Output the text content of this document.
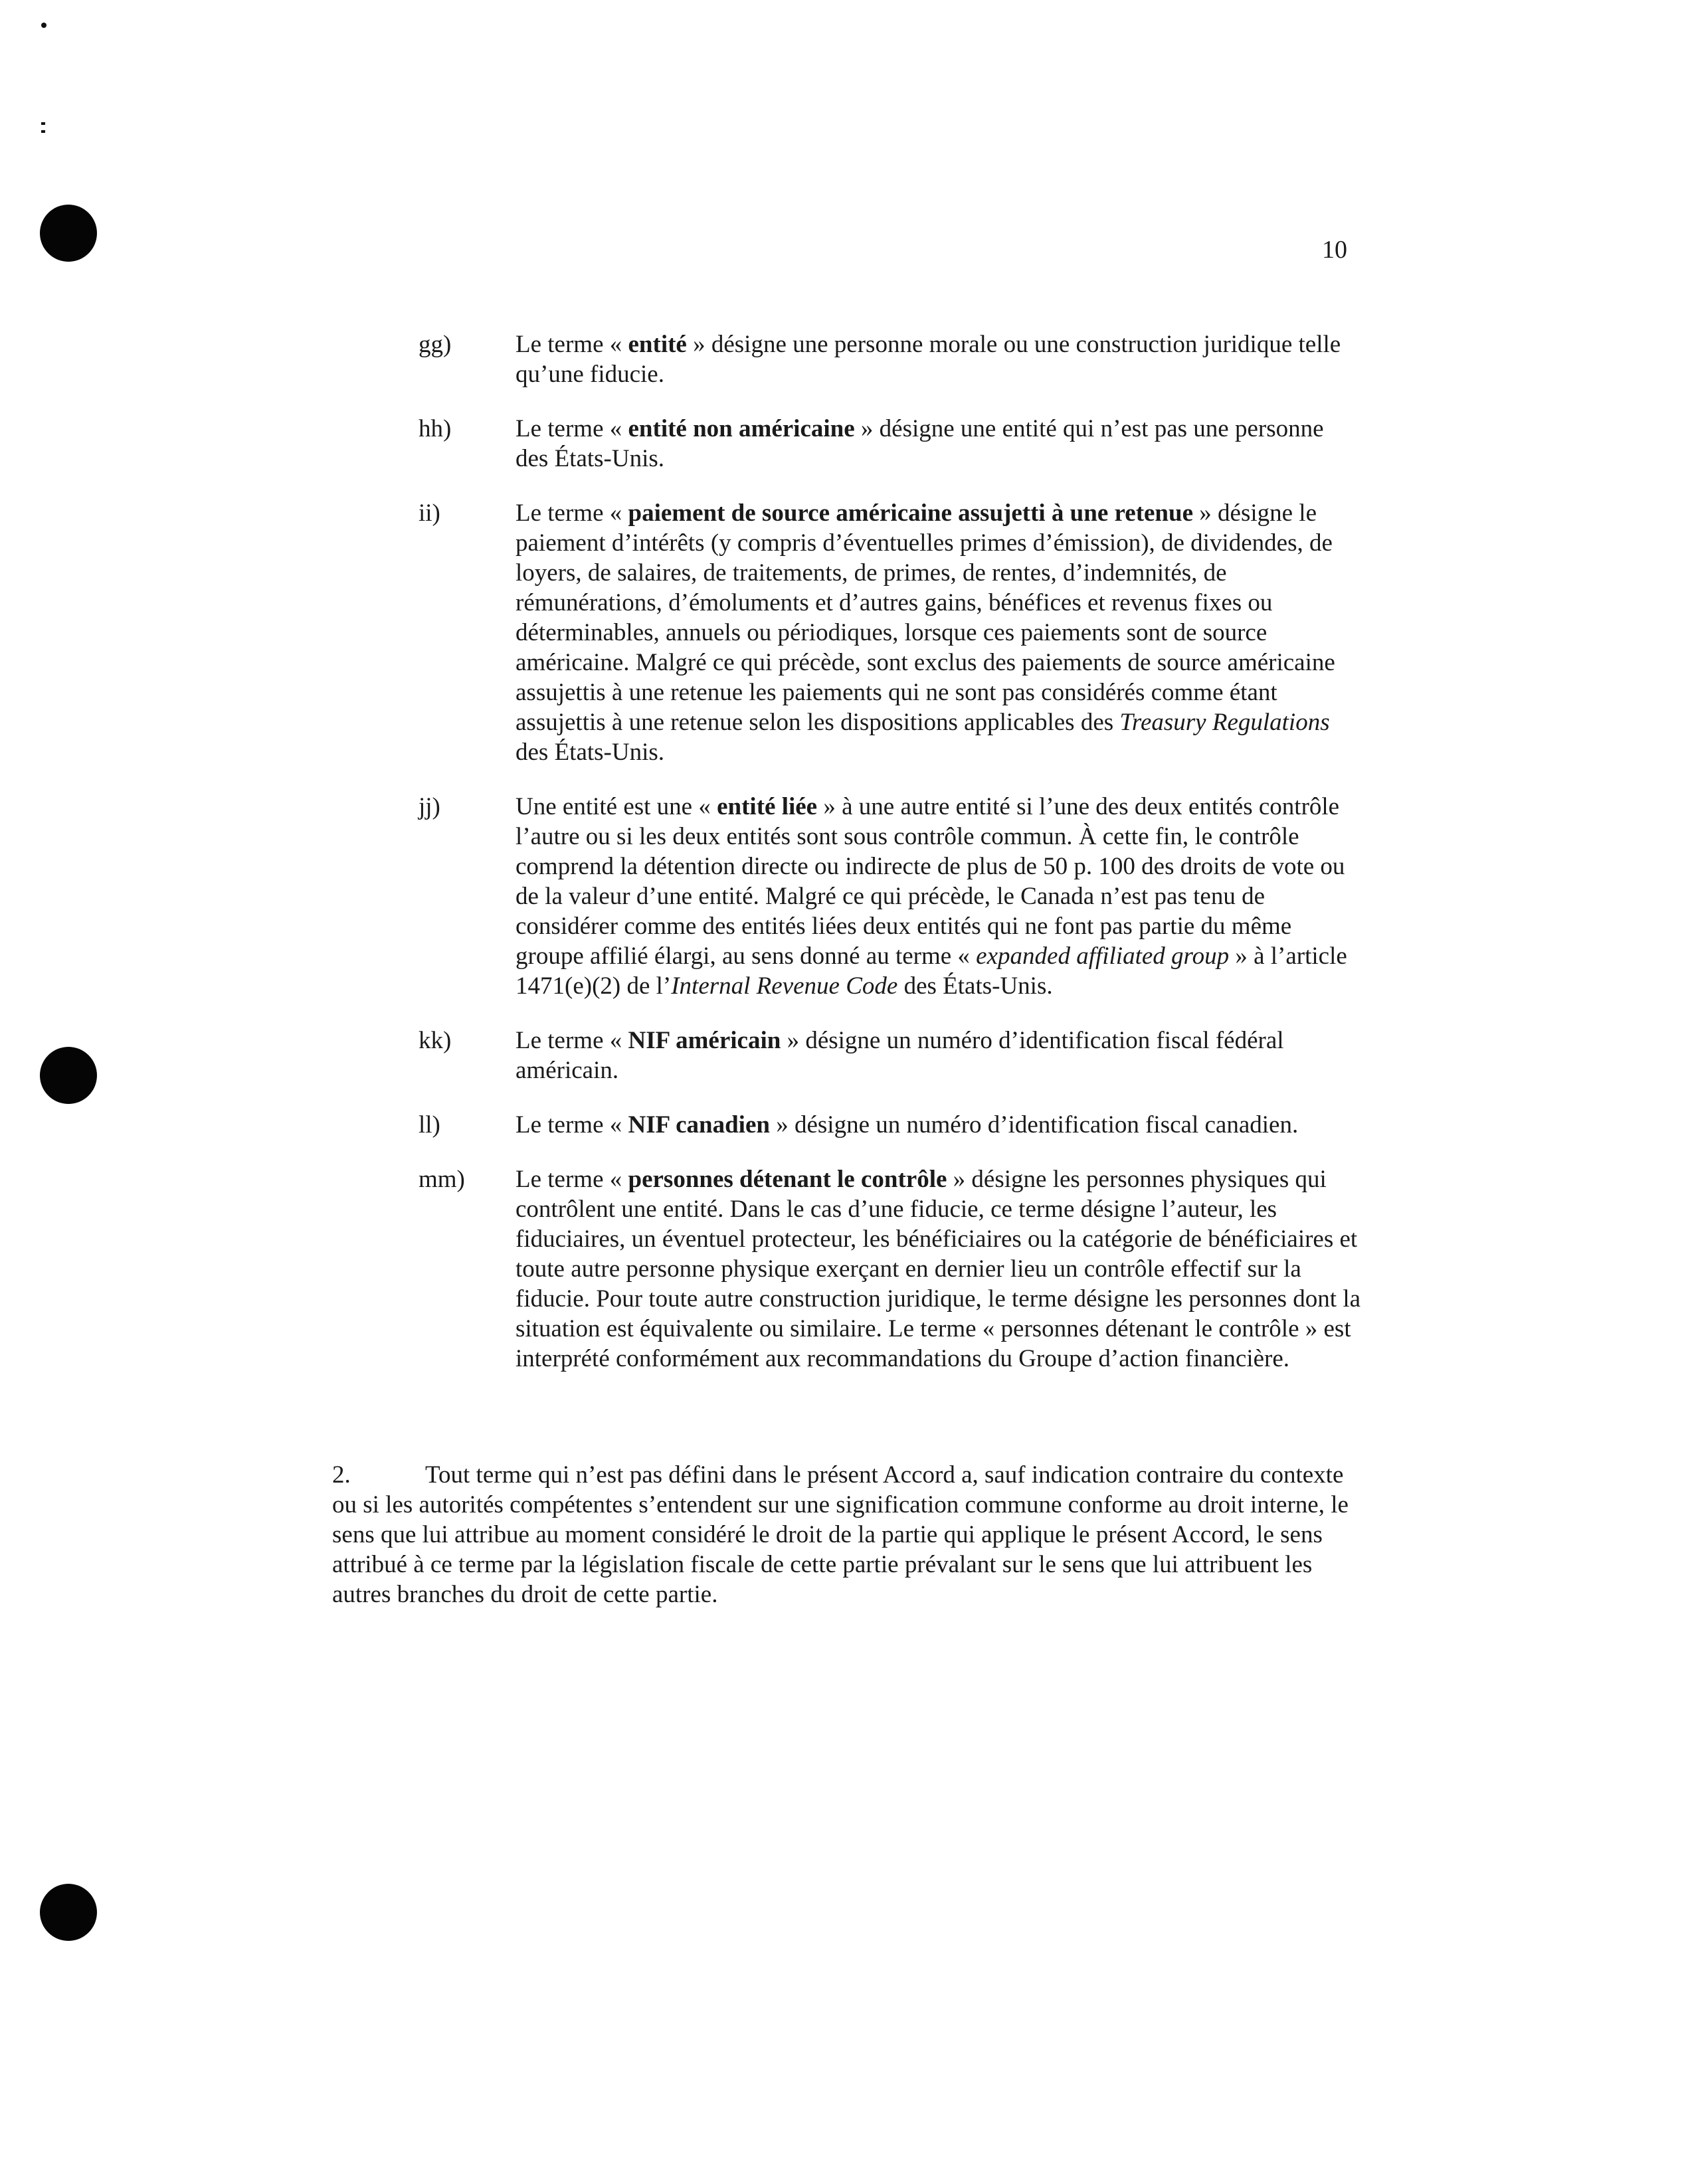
10
gg)	Le terme « entité » désigne une personne morale ou une construction juridique telle qu’une fiducie.
hh)	Le terme « entité non américaine » désigne une entité qui n’est pas une personne des États-Unis.
ii)	Le terme « paiement de source américaine assujetti à une retenue » désigne le paiement d’intérêts (y compris d’éventuelles primes d’émission), de dividendes, de loyers, de salaires, de traitements, de primes, de rentes, d’indemnités, de rémunérations, d’émoluments et d’autres gains, bénéfices et revenus fixes ou déterminables, annuels ou périodiques, lorsque ces paiements sont de source américaine. Malgré ce qui précède, sont exclus des paiements de source américaine assujettis à une retenue les paiements qui ne sont pas considérés comme étant assujettis à une retenue selon les dispositions applicables des Treasury Regulations des États-Unis.
jj)	Une entité est une « entité liée » à une autre entité si l’une des deux entités contrôle l’autre ou si les deux entités sont sous contrôle commun. À cette fin, le contrôle comprend la détention directe ou indirecte de plus de 50 p. 100 des droits de vote ou de la valeur d’une entité. Malgré ce qui précède, le Canada n’est pas tenu de considérer comme des entités liées deux entités qui ne font pas partie du même groupe affilié élargi, au sens donné au terme « expanded affiliated group » à l’article 1471(e)(2) de l’Internal Revenue Code des États-Unis.
kk)	Le terme « NIF américain » désigne un numéro d’identification fiscal fédéral américain.
ll)	Le terme « NIF canadien » désigne un numéro d’identification fiscal canadien.
mm)	Le terme « personnes détenant le contrôle » désigne les personnes physiques qui contrôlent une entité. Dans le cas d’une fiducie, ce terme désigne l’auteur, les fiduciaires, un éventuel protecteur, les bénéficiaires ou la catégorie de bénéficiaires et toute autre personne physique exerçant en dernier lieu un contrôle effectif sur la fiducie. Pour toute autre construction juridique, le terme désigne les personnes dont la situation est équivalente ou similaire. Le terme « personnes détenant le contrôle » est interprété conformément aux recommandations du Groupe d’action financière.
2.	Tout terme qui n’est pas défini dans le présent Accord a, sauf indication contraire du contexte ou si les autorités compétentes s’entendent sur une signification commune conforme au droit interne, le sens que lui attribue au moment considéré le droit de la partie qui applique le présent Accord, le sens attribué à ce terme par la législation fiscale de cette partie prévalant sur le sens que lui attribuent les autres branches du droit de cette partie.
